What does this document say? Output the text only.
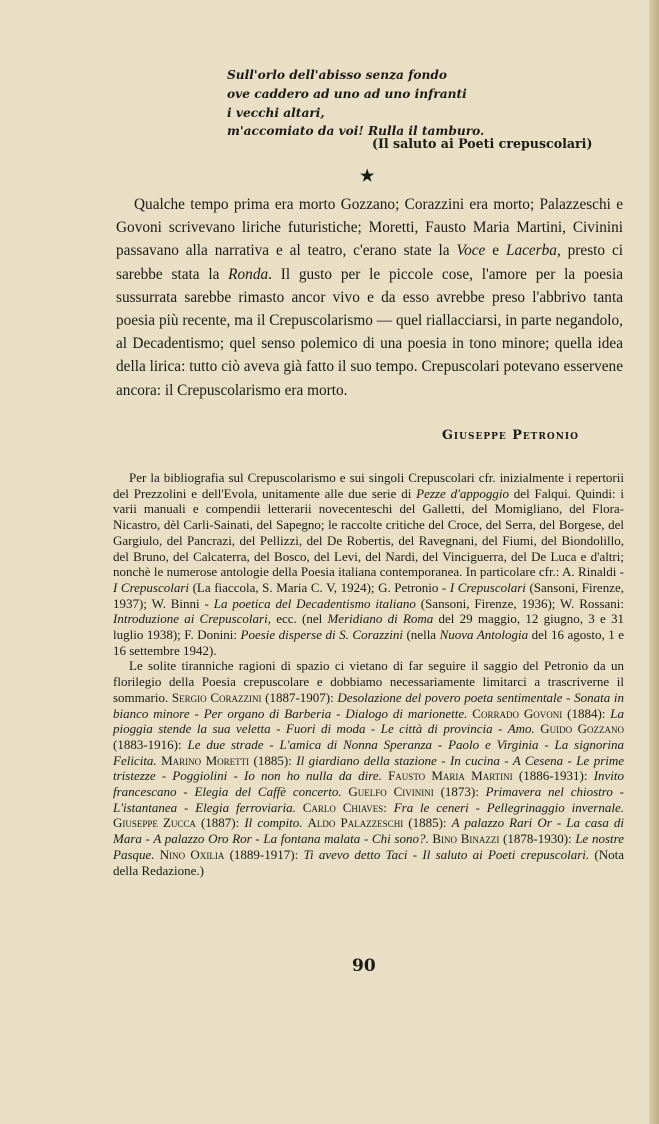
Sull'orlo dell'abisso senza fondo
ove caddero ad uno ad uno infranti
i vecchi altari,
m'accomiato da voi! Rulla il tamburo.
(Il saluto ai Poeti crepuscolari)
★

Qualche tempo prima era morto Gozzano; Corazzini era morto; Palazzeschi e Govoni scrivevano liriche futuristiche; Moretti, Fausto Maria Martini, Civinini passavano alla narrativa e al teatro, c'erano state la Voce e Lacerba, presto ci sarebbe stata la Ronda. Il gusto per le piccole cose, l'amore per la poesia sussurrata sarebbe rimasto ancor vivo e da esso avrebbe preso l'abbrivo tanta poesia più recente, ma il Crepuscolarismo — quel riallacciarsi, in parte negandolo, al Decadentismo; quel senso polemico di una poesia in tono minore; quella idea della lirica: tutto ciò aveva già fatto il suo tempo. Crepuscolari potevano esservene ancora: il Crepuscolarismo era morto.

Giuseppe Petronio

Per la bibliografia sul Crepuscolarismo e sui singoli Crepuscolari cfr. inizialmente i repertorii del Prezzolini e dell'Evola, unitamente alle due serie di Pezze d'appoggio del Falqui. Quindi: i varii manuali e compendii letterarii novecenteschi del Galletti, del Momigliano, del Flora-Nicastro, dèl Carli-Sainati, del Sapegno; le raccolte critiche del Croce, del Serra, del Borgese, del Gargiulo, del Pancrazi, del Pellizzi, del De Robertis, del Ravegnani, del Fiumi, del Biondolillo, del Bruno, del Calcaterra, del Bosco, del Levi, del Nardi, del Vinciguerra, del De Luca e d'altri; nonchè le numerose antologie della Poesia italiana contemporanea. In particolare cfr.: A. Rinaldi - I Crepuscolari (La fiaccola, S. Maria C. V, 1924); G. Petronio - I Crepuscolari (Sansoni, Firenze, 1937); W. Binni - La poetica del Decadentismo italiano (Sansoni, Firenze, 1936); W. Rossani: Introduzione ai Crepuscolari, ecc. (nel Meridiano di Roma del 29 maggio, 12 giugno, 3 e 31 luglio 1938); F. Donini: Poesie disperse di S. Corazzini (nella Nuova Antologia del 16 agosto, 1 e 16 settembre 1942).

Le solite tiranniche ragioni di spazio ci vietano di far seguire il saggio del Petronio da un florilegio della Poesia crepuscolare e dobbiamo necessariamente limitarci a trascriverne il sommario. Sergio Corazzini (1887-1907): Desolazione del povero poeta sentimentale - Sonata in bianco minore - Per organo di Barberia - Dialogo di marionette. Corrado Govoni (1884): La pioggia stende la sua veletta - Fuori di moda - Le città di provincia - Amo. Guido Gozzano (1883-1916): Le due strade - L'amica di Nonna Speranza - Paolo e Virginia - La signorina Felicita. Marino Moretti (1885): Il giardiano della stazione - In cucina - A Cesena - Le prime tristezze - Poggiolini - Io non ho nulla da dire. Fausto Maria Martini (1886-1931): Invito francescano - Elegia del Caffè concerto. Guelfo Civinini (1873): Primavera nel chiostro - L'istantanea - Elegia ferroviaria. Carlo Chiaves: Fra le ceneri - Pellegrinaggio invernale. Giuseppe Zucca (1887): Il compito. Aldo Palazzeschi (1885): A palazzo Rari Or - La casa di Mara - A palazzo Oro Ror - La fontana malata - Chi sono?. Bino Binazzi (1878-1930): Le nostre Pasque. Nino Oxilia (1889-1917): Ti avevo detto Taci - Il saluto ai Poeti crepuscolari. (Nota della Redazione.)

90
